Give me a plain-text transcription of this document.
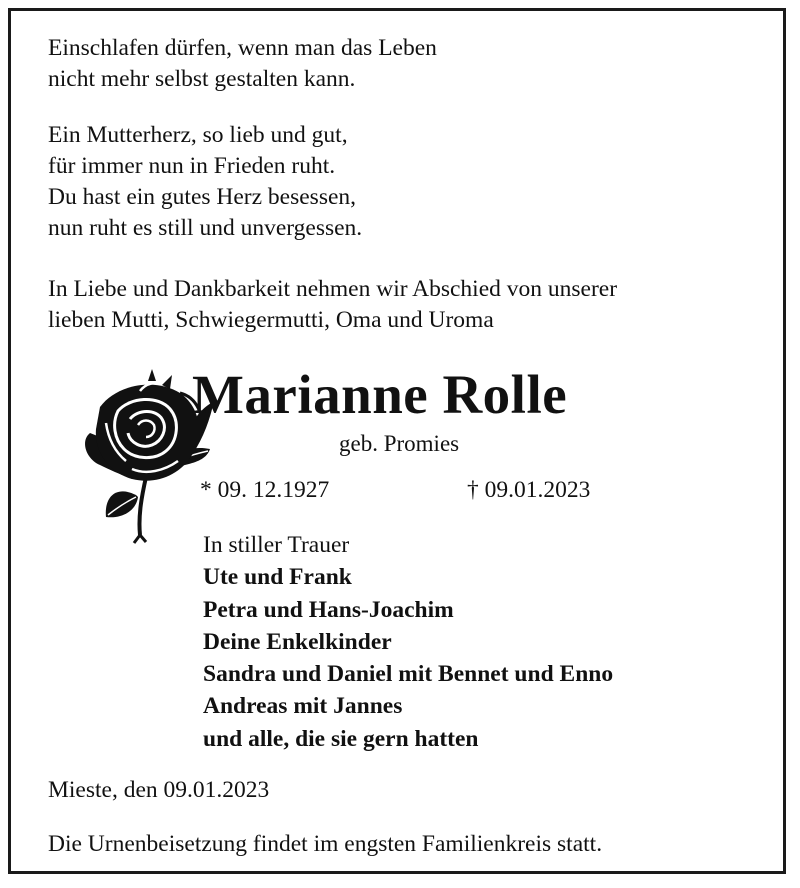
Einschlafen dürfen, wenn man das Leben
nicht mehr selbst gestalten kann.

Ein Mutterherz, so lieb und gut,
für immer nun in Frieden ruht.
Du hast ein gutes Herz besessen,
nun ruht es still und unvergessen.

In Liebe und Dankbarkeit nehmen wir Abschied von unserer
lieben Mutti, Schwiegermutti, Oma und Uroma

Marianne Rolle
geb. Promies
* 09. 12.1927	† 09.01.2023
In stiller Trauer
Ute und Frank
Petra und Hans-Joachim
Deine Enkelkinder
Sandra und Daniel mit Bennet und Enno
Andreas mit Jannes
und alle, die sie gern hatten
Mieste, den 09.01.2023
Die Urnenbeisetzung findet im engsten Familienkreis statt.
